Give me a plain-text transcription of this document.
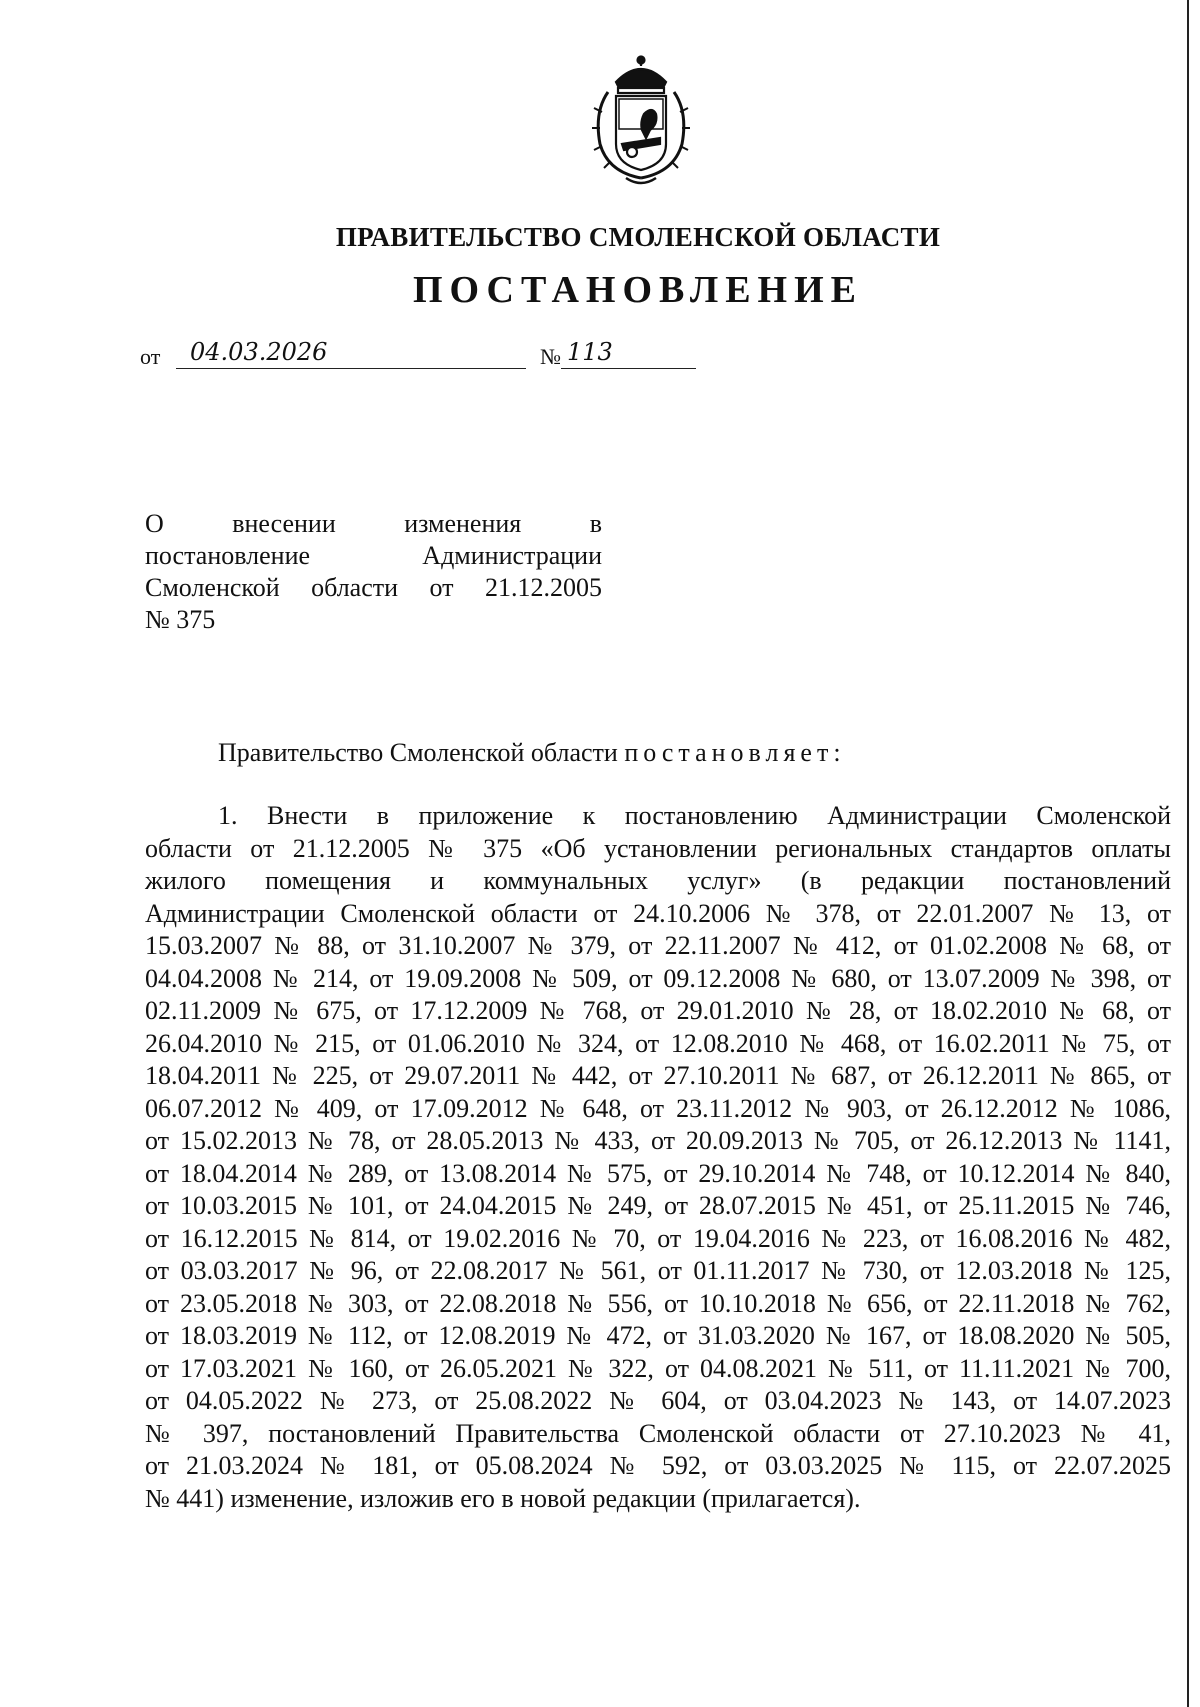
ПРАВИТЕЛЬСТВО СМОЛЕНСКОЙ ОБЛАСТИ
ПОСТАНОВЛЕНИЕ
от 04.03.2026	№ 113
О внесении изменения в
постановление Администрации
Смоленской области от 21.12.2005
№ 375
Правительство Смоленской области постановляет:
1. Внести в приложение к постановлению Администрации Смоленской
области от 21.12.2005 № 375 «Об установлении региональных стандартов оплаты
жилого помещения и коммунальных услуг» (в редакции постановлений
Администрации Смоленской области от 24.10.2006 № 378, от 22.01.2007 № 13, от
15.03.2007 № 88, от 31.10.2007 № 379, от 22.11.2007 № 412, от 01.02.2008 № 68, от
04.04.2008 № 214, от 19.09.2008 № 509, от 09.12.2008 № 680, от 13.07.2009 № 398, от
02.11.2009 № 675, от 17.12.2009 № 768, от 29.01.2010 № 28, от 18.02.2010 № 68, от
26.04.2010 № 215, от 01.06.2010 № 324, от 12.08.2010 № 468, от 16.02.2011 № 75, от
18.04.2011 № 225, от 29.07.2011 № 442, от 27.10.2011 № 687, от 26.12.2011 № 865, от
06.07.2012 № 409, от 17.09.2012 № 648, от 23.11.2012 № 903, от 26.12.2012 № 1086,
от 15.02.2013 № 78, от 28.05.2013 № 433, от 20.09.2013 № 705, от 26.12.2013 № 1141,
от 18.04.2014 № 289, от 13.08.2014 № 575, от 29.10.2014 № 748, от 10.12.2014 № 840,
от 10.03.2015 № 101, от 24.04.2015 № 249, от 28.07.2015 № 451, от 25.11.2015 № 746,
от 16.12.2015 № 814, от 19.02.2016 № 70, от 19.04.2016 № 223, от 16.08.2016 № 482,
от 03.03.2017 № 96, от 22.08.2017 № 561, от 01.11.2017 № 730, от 12.03.2018 № 125,
от 23.05.2018 № 303, от 22.08.2018 № 556, от 10.10.2018 № 656, от 22.11.2018 № 762,
от 18.03.2019 № 112, от 12.08.2019 № 472, от 31.03.2020 № 167, от 18.08.2020 № 505,
от 17.03.2021 № 160, от 26.05.2021 № 322, от 04.08.2021 № 511, от 11.11.2021 № 700,
от 04.05.2022 № 273, от 25.08.2022 № 604, от 03.04.2023 № 143, от 14.07.2023
№ 397, постановлений Правительства Смоленской области от 27.10.2023 № 41,
от 21.03.2024 № 181, от 05.08.2024 № 592, от 03.03.2025 № 115, от 22.07.2025
№ 441) изменение, изложив его в новой редакции (прилагается).
